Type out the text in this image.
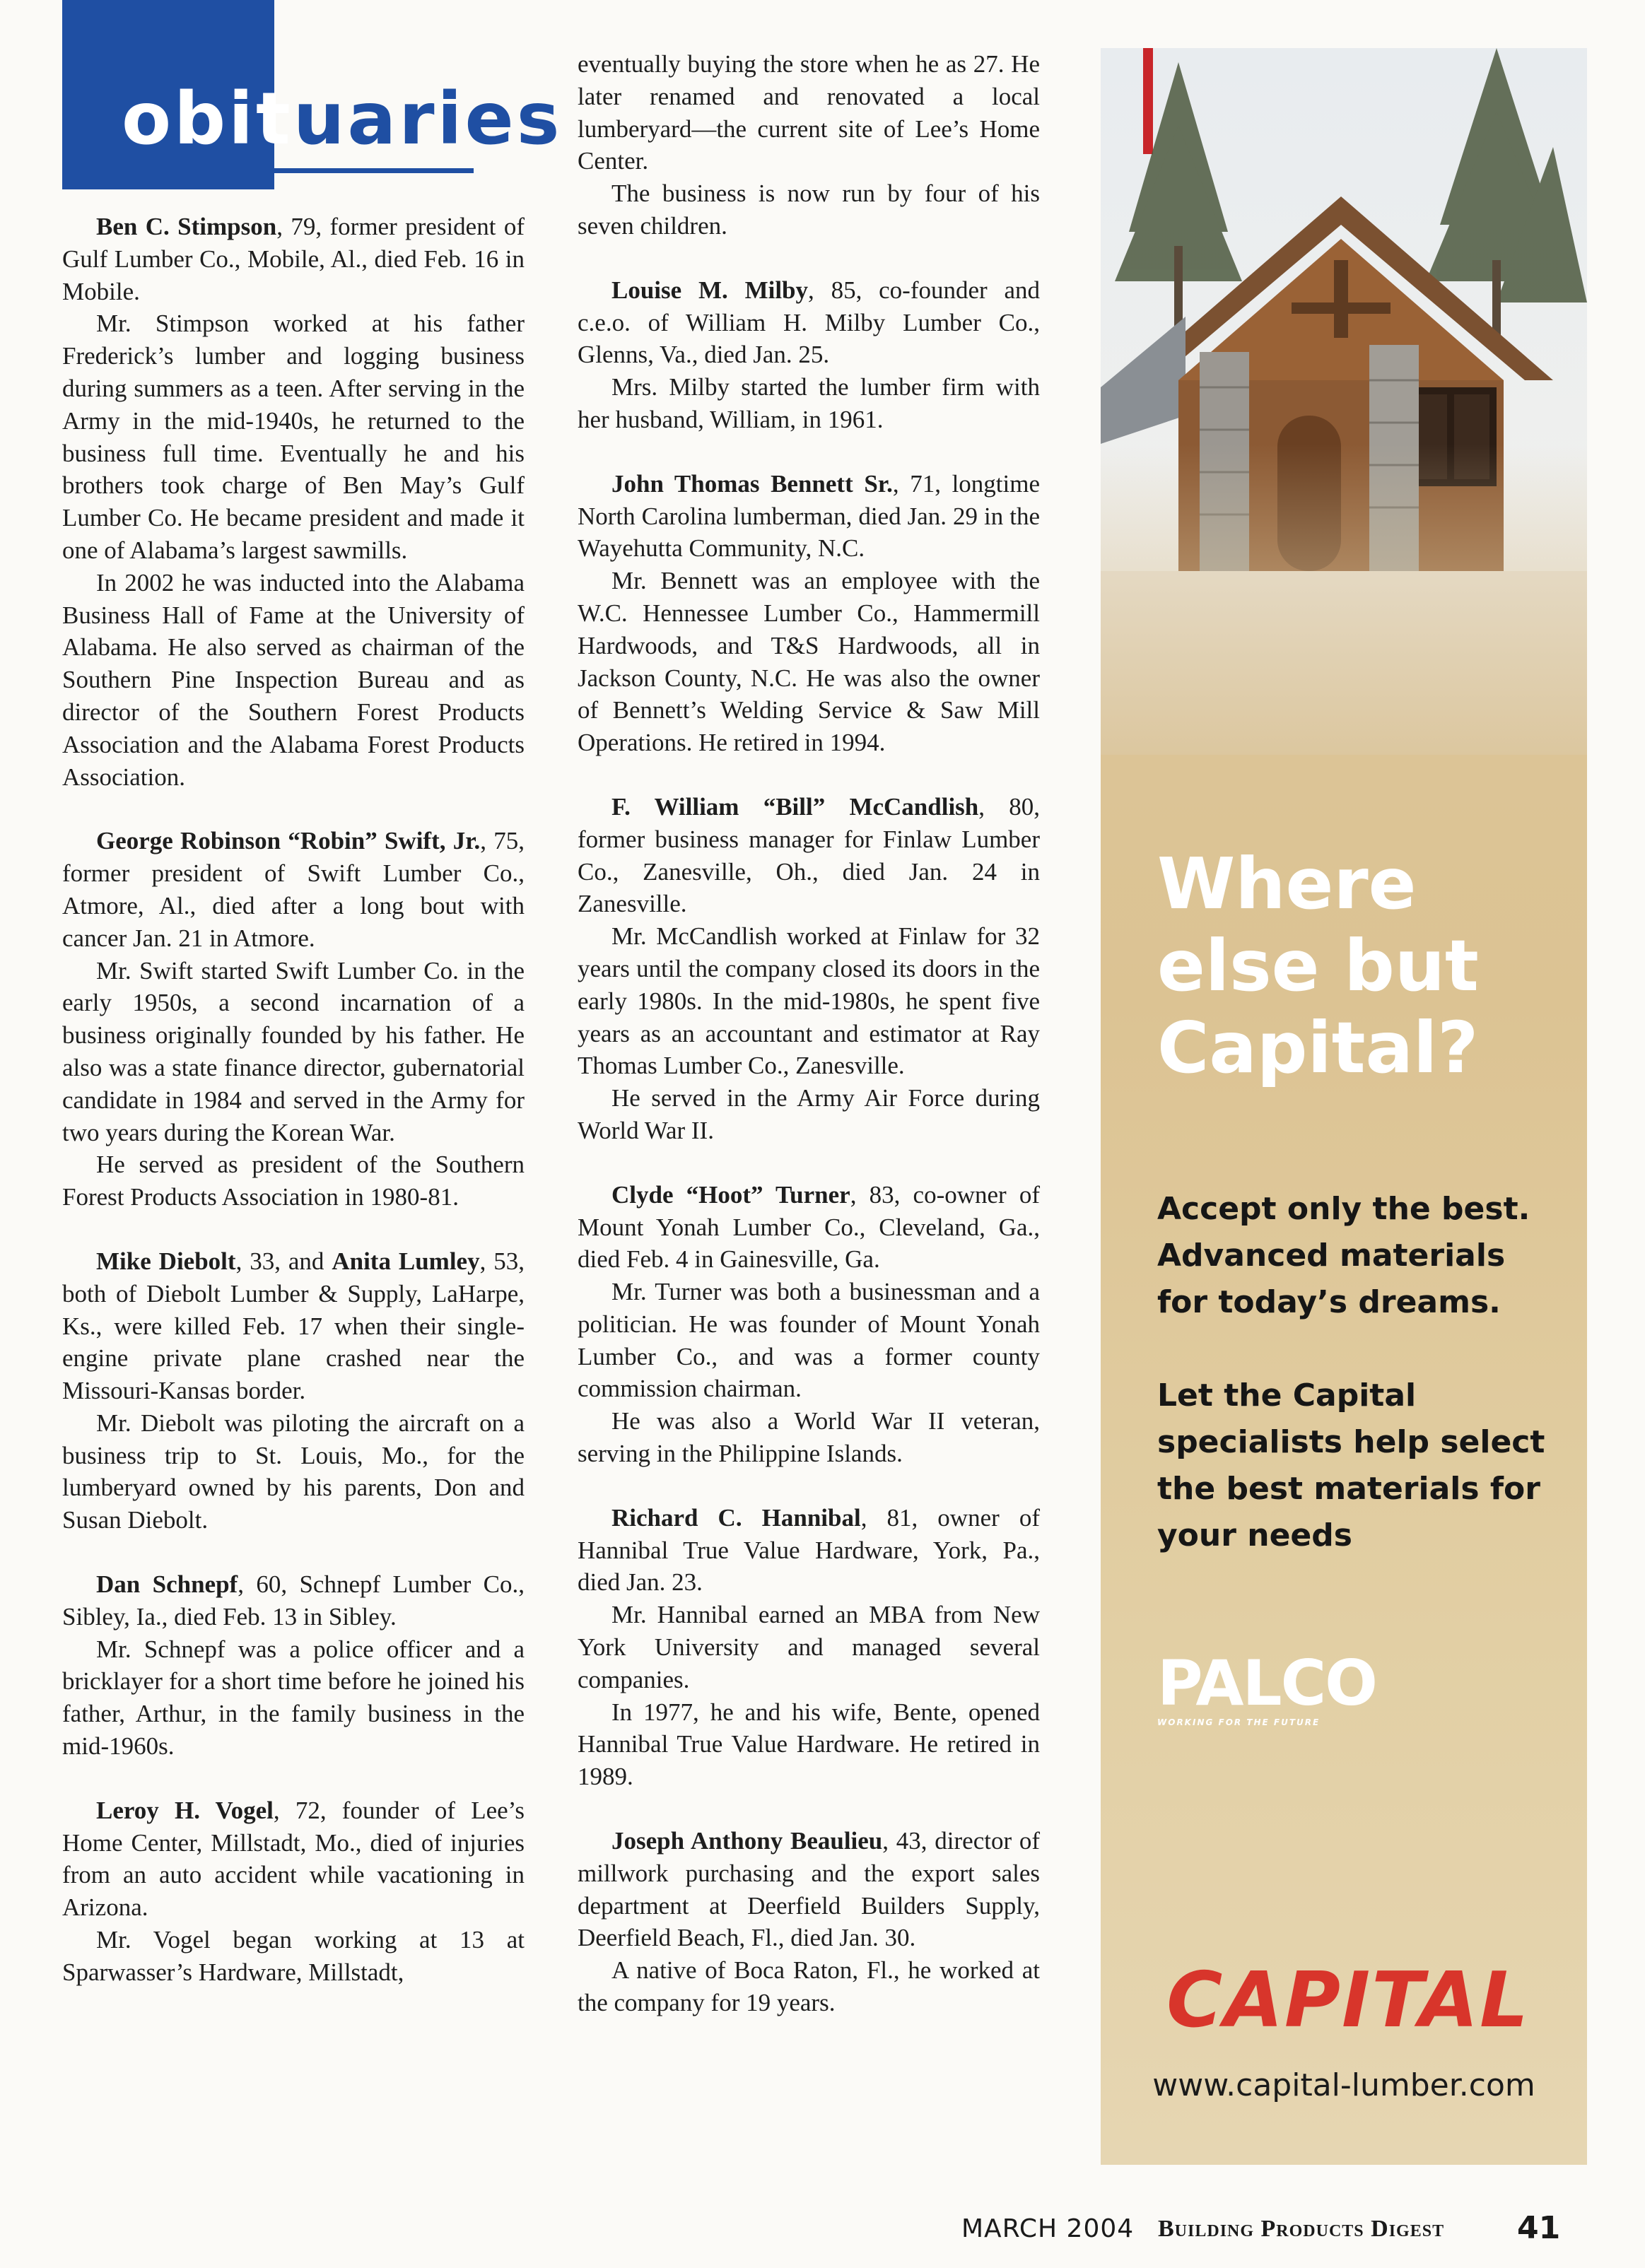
obituaries

Ben C. Stimpson, 79, former president of Gulf Lumber Co., Mobile, Al., died Feb. 16 in Mobile.

Mr. Stimpson worked at his father Frederick’s lumber and logging business during summers as a teen. After serving in the Army in the mid-1940s, he returned to the business full time. Eventually he and his brothers took charge of Ben May’s Gulf Lumber Co. He became president and made it one of Alabama’s largest sawmills.

In 2002 he was inducted into the Alabama Business Hall of Fame at the University of Alabama. He also served as chairman of the Southern Pine Inspection Bureau and as director of the Southern Forest Products Association and the Alabama Forest Products Association.

George Robinson “Robin” Swift, Jr., 75, former president of Swift Lumber Co., Atmore, Al., died after a long bout with cancer Jan. 21 in Atmore.

Mr. Swift started Swift Lumber Co. in the early 1950s, a second incarnation of a business originally founded by his father. He also was a state finance director, gubernatorial candidate in 1984 and served in the Army for two years during the Korean War.

He served as president of the Southern Forest Products Association in 1980-81.

Mike Diebolt, 33, and Anita Lumley, 53, both of Diebolt Lumber & Supply, LaHarpe, Ks., were killed Feb. 17 when their single-engine private plane crashed near the Missouri-Kansas border.

Mr. Diebolt was piloting the aircraft on a business trip to St. Louis, Mo., for the lumberyard owned by his parents, Don and Susan Diebolt.

Dan Schnepf, 60, Schnepf Lumber Co., Sibley, Ia., died Feb. 13 in Sibley.

Mr. Schnepf was a police officer and a bricklayer for a short time before he joined his father, Arthur, in the family business in the mid-1960s.

Leroy H. Vogel, 72, founder of Lee’s Home Center, Millstadt, Mo., died of injuries from an auto accident while vacationing in Arizona.

Mr. Vogel began working at 13 at Sparwasser’s Hardware, Millstadt,

eventually buying the store when he as 27. He later renamed and renovated a local lumberyard—the current site of Lee’s Home Center.

The business is now run by four of his seven children.

Louise M. Milby, 85, co-founder and c.e.o. of William H. Milby Lumber Co., Glenns, Va., died Jan. 25.

Mrs. Milby started the lumber firm with her husband, William, in 1961.

John Thomas Bennett Sr., 71, longtime North Carolina lumberman, died Jan. 29 in the Wayehutta Community, N.C.

Mr. Bennett was an employee with the W.C. Hennessee Lumber Co., Hammermill Hardwoods, and T&S Hardwoods, all in Jackson County, N.C. He was also the owner of Bennett’s Welding Service & Saw Mill Operations. He retired in 1994.

F. William “Bill” McCandlish, 80, former business manager for Finlaw Lumber Co., Zanesville, Oh., died Jan. 24 in Zanesville.

Mr. McCandlish worked at Finlaw for 32 years until the company closed its doors in the early 1980s. In the mid-1980s, he spent five years as an accountant and estimator at Ray Thomas Lumber Co., Zanesville.

He served in the Army Air Force during World War II.

Clyde “Hoot” Turner, 83, co-owner of Mount Yonah Lumber Co., Cleveland, Ga., died Feb. 4 in Gainesville, Ga.

Mr. Turner was both a businessman and a politician. He was founder of Mount Yonah Lumber Co., and was a former county commission chairman.

He was also a World War II veteran, serving in the Philippine Islands.

Richard C. Hannibal, 81, owner of Hannibal True Value Hardware, York, Pa., died Jan. 23.

Mr. Hannibal earned an MBA from New York University and managed several companies.

In 1977, he and his wife, Bente, opened Hannibal True Value Hardware. He retired in 1989.

Joseph Anthony Beaulieu, 43, director of millwork purchasing and the export sales department at Deerfield Builders Supply, Deerfield Beach, Fl., died Jan. 30.

A native of Boca Raton, Fl., he worked at the company for 19 years.

Where
else but
Capital?
Accept only the best.
Advanced materials
for today’s dreams.
Let the Capital
specialists help select
the best materials for
your needs
PALCO
WORKING FOR THE FUTURE
CAPITAL
www.capital-lumber.com
MARCH 2004 Building Products Digest 41
